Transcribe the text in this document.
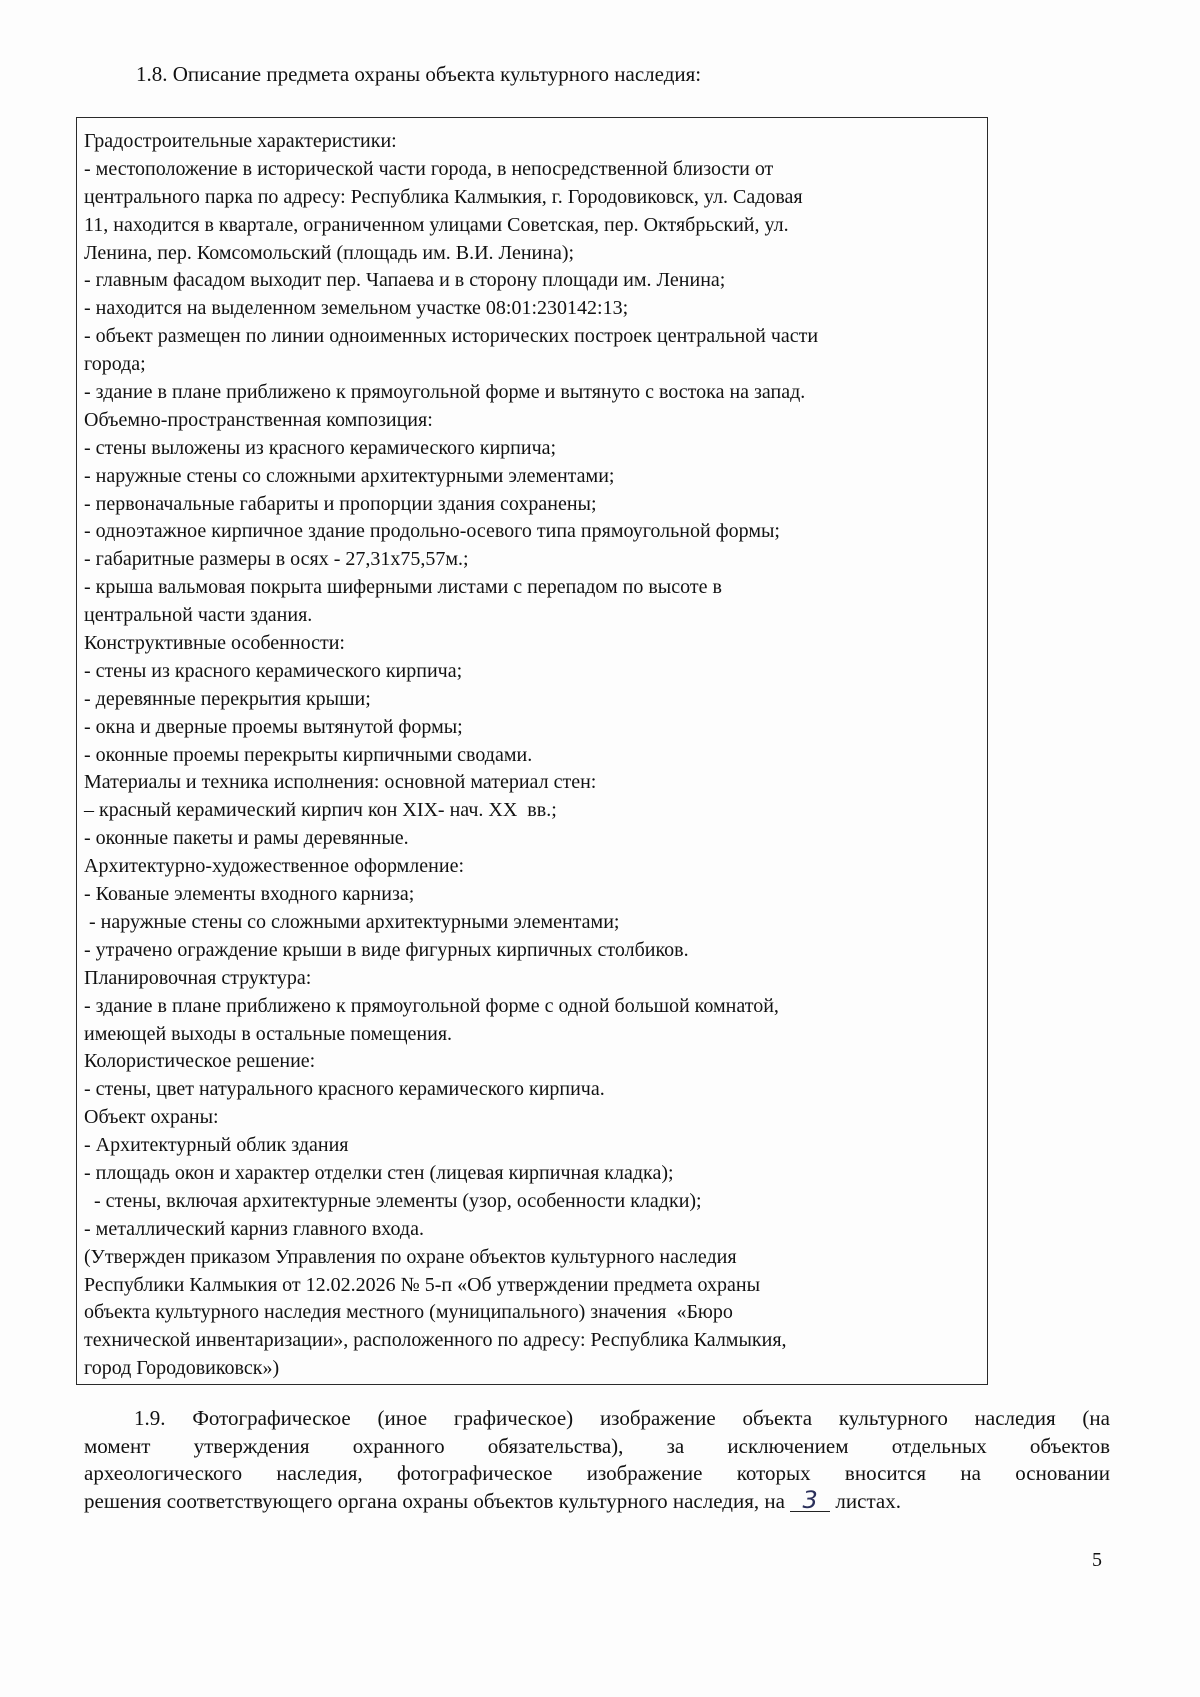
1.8. Описание предмета охраны объекта культурного наследия:
Градостроительные характеристики:
- местоположение в исторической части города, в непосредственной близости от
центрального парка по адресу: Республика Калмыкия, г. Городовиковск, ул. Садовая
11, находится в квартале, ограниченном улицами Советская, пер. Октябрьский, ул.
Ленина, пер. Комсомольский (площадь им. В.И. Ленина);
- главным фасадом выходит пер. Чапаева и в сторону площади им. Ленина;
- находится на выделенном земельном участке 08:01:230142:13;
- объект размещен по линии одноименных исторических построек центральной части
города;
- здание в плане приближено к прямоугольной форме и вытянуто с востока на запад.
Объемно-пространственная композиция:
- стены выложены из красного керамического кирпича;
- наружные стены со сложными архитектурными элементами;
- первоначальные габариты и пропорции здания сохранены;
- одноэтажное кирпичное здание продольно-осевого типа прямоугольной формы;
- габаритные размеры в осях - 27,31х75,57м.;
- крыша вальмовая покрыта шиферными листами с перепадом по высоте в
центральной части здания.
Конструктивные особенности:
- стены из красного керамического кирпича;
- деревянные перекрытия крыши;
- окна и дверные проемы вытянутой формы;
- оконные проемы перекрыты кирпичными сводами.
Материалы и техника исполнения: основной материал стен:
– красный керамический кирпич кон XIX- нач. XX  вв.;
- оконные пакеты и рамы деревянные.
Архитектурно-художественное оформление:
- Кованые элементы входного карниза;
- наружные стены со сложными архитектурными элементами;
- утрачено ограждение крыши в виде фигурных кирпичных столбиков.
Планировочная структура:
- здание в плане приближено к прямоугольной форме с одной большой комнатой,
имеющей выходы в остальные помещения.
Колористическое решение:
- стены, цвет натурального красного керамического кирпича.
Объект охраны:
- Архитектурный облик здания
- площадь окон и характер отделки стен (лицевая кирпичная кладка);
- стены, включая архитектурные элементы (узор, особенности кладки);
- металлический карниз главного входа.
(Утвержден приказом Управления по охране объектов культурного наследия
Республики Калмыкия от 12.02.2026 № 5-п «Об утверждении предмета охраны
объекта культурного наследия местного (муниципального) значения  «Бюро
технической инвентаризации», расположенного по адресу: Республика Калмыкия,
город Городовиковск»)
1.9. Фотографическое (иное графическое) изображение объекта культурного наследия (на
момент утверждения охранного обязательства), за исключением отдельных объектов
археологического наследия, фотографическое изображение которых вносится на основании
решения соответствующего органа охраны объектов культурного наследия, на 3 листах.
5
